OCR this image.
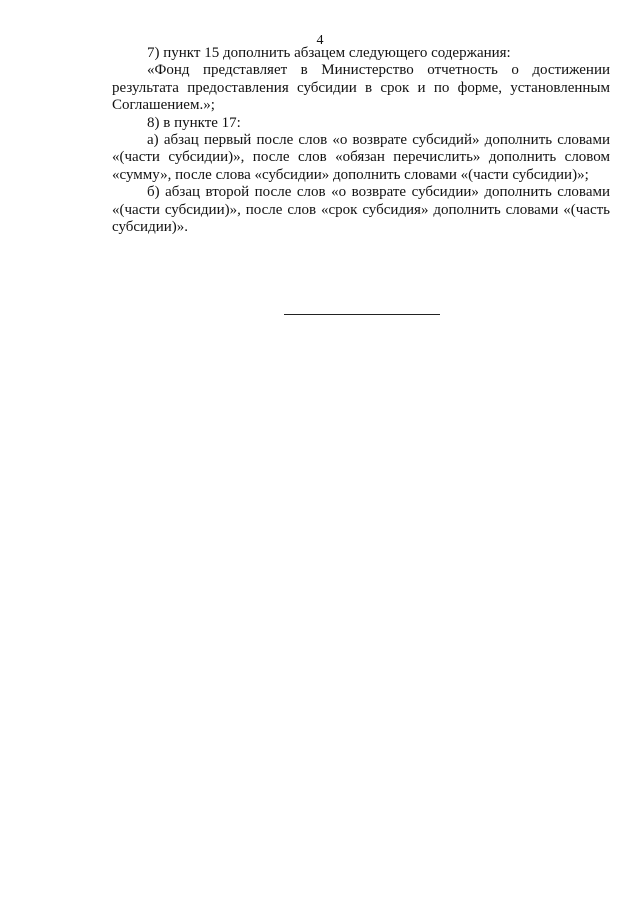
4

7) пункт 15 дополнить абзацем следующего содержания:

«Фонд представляет в Министерство отчетность о достижении результата предоставления субсидии в срок и по форме, установленным Соглашением.»;

8) в пункте 17:

а) абзац первый после слов «о возврате субсидий» дополнить словами «(части субсидии)», после слов «обязан перечислить» дополнить словом «сумму», после слова «субсидии» дополнить словами «(части субсидии)»;

б) абзац второй после слов «о возврате субсидии» дополнить словами «(части субсидии)», после слов «срок субсидия» дополнить словами «(часть субсидии)».
